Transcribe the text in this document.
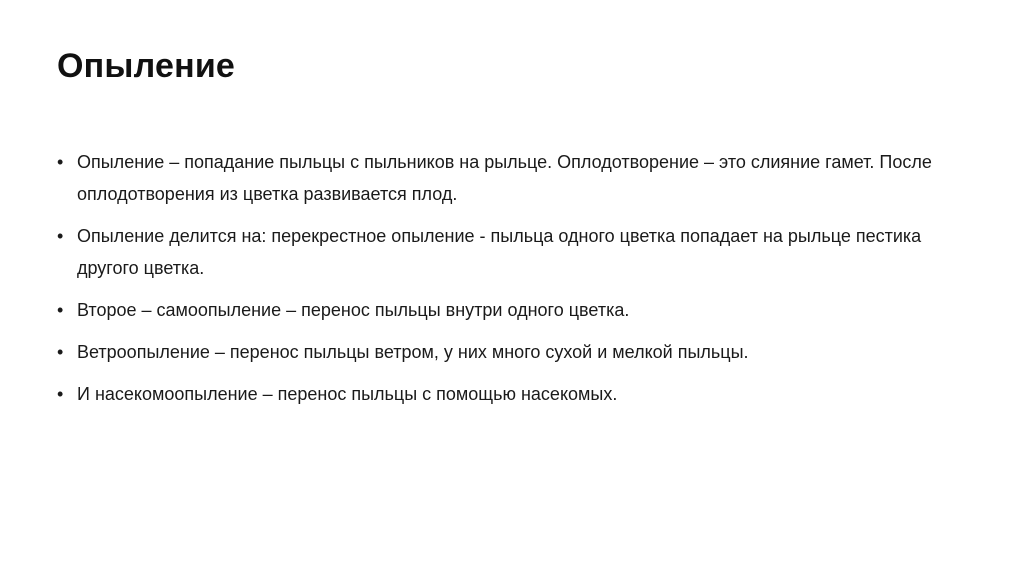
Опыление
• Опыление – попадание пыльцы с пыльников на рыльце. Оплодотворение – это слияние гамет. После оплодотворения из цветка развивается плод.
• Опыление делится на: перекрестное опыление - пыльца одного цветка попадает на рыльце пестика другого цветка.
• Второе – самоопыление – перенос пыльцы внутри одного цветка.
• Ветроопыление – перенос пыльцы ветром, у них много сухой и мелкой пыльцы.
• И насекомоопыление – перенос пыльцы с помощью насекомых.
